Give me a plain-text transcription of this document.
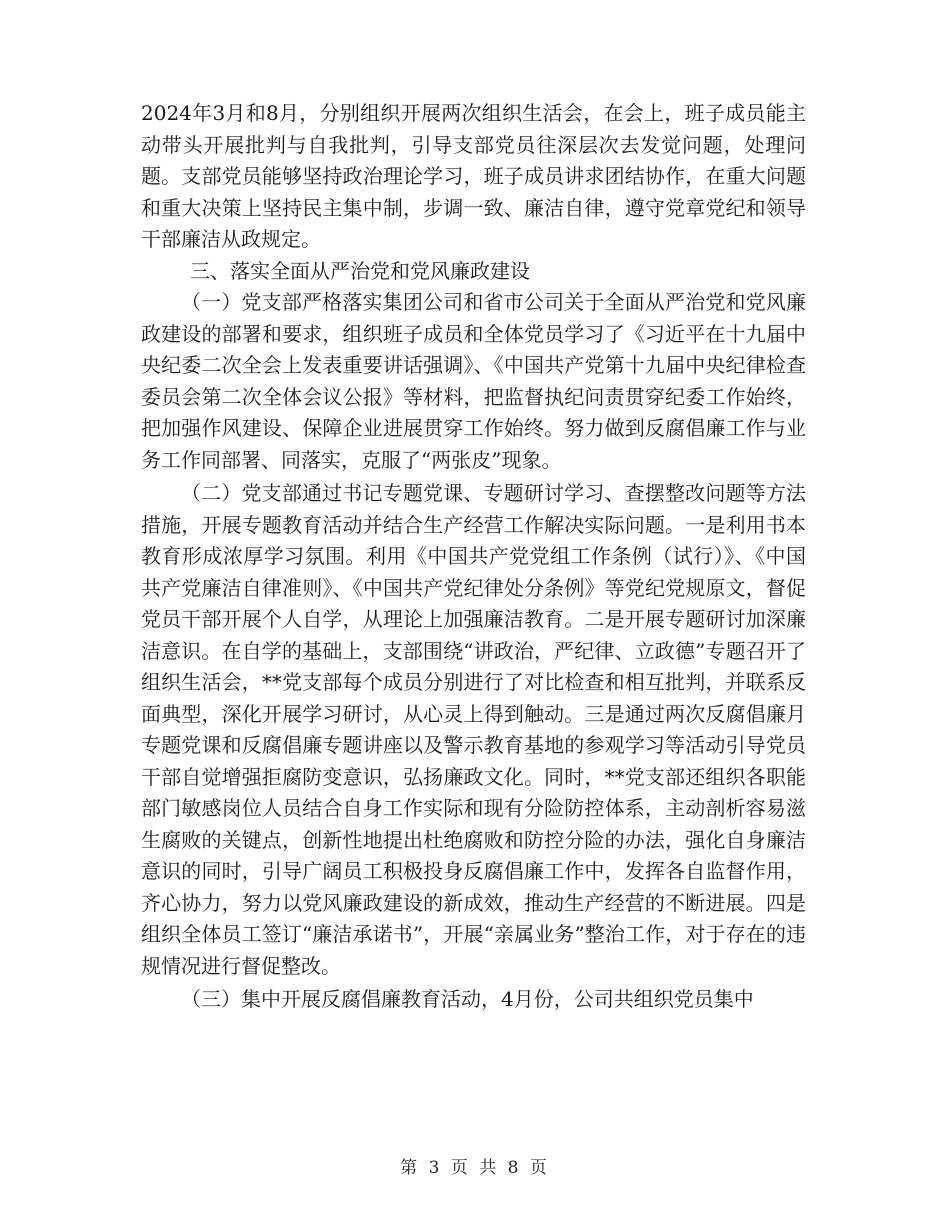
2024年3月和8月，分别组织开展两次组织生活会，在会上，班子成员能主动带头开展批判与自我批判，引导支部党员往深层次去发觉问题，处理问题。支部党员能够坚持政治理论学习，班子成员讲求团结协作，在重大问题和重大决策上坚持民主集中制，步调一致、廉洁自律，遵守党章党纪和领导干部廉洁从政规定。

三、落实全面从严治党和党风廉政建设

（一）党支部严格落实集团公司和省市公司关于全面从严治党和党风廉政建设的部署和要求，组织班子成员和全体党员学习了《习近平在十九届中央纪委二次全会上发表重要讲话强调》、《中国共产党第十九届中央纪律检查委员会第二次全体会议公报》等材料，把监督执纪问责贯穿纪委工作始终，把加强作风建设、保障企业进展贯穿工作始终。努力做到反腐倡廉工作与业务工作同部署、同落实，克服了“两张皮”现象。

（二）党支部通过书记专题党课、专题研讨学习、查摆整改问题等方法措施，开展专题教育活动并结合生产经营工作解决实际问题。一是利用书本教育形成浓厚学习氛围。利用《中国共产党党组工作条例（试行）》、《中国共产党廉洁自律准则》、《中国共产党纪律处分条例》等党纪党规原文，督促党员干部开展个人自学，从理论上加强廉洁教育。二是开展专题研讨加深廉洁意识。在自学的基础上，支部围绕“讲政治，严纪律、立政德”专题召开了组织生活会，**党支部每个成员分别进行了对比检查和相互批判，并联系反面典型，深化开展学习研讨，从心灵上得到触动。三是通过两次反腐倡廉月专题党课和反腐倡廉专题讲座以及警示教育基地的参观学习等活动引导党员干部自觉增强拒腐防变意识，弘扬廉政文化。同时，**党支部还组织各职能部门敏感岗位人员结合自身工作实际和现有分险防控体系，主动剖析容易滋生腐败的关键点，创新性地提出杜绝腐败和防控分险的办法，强化自身廉洁意识的同时，引导广阔员工积极投身反腐倡廉工作中，发挥各自监督作用，齐心协力，努力以党风廉政建设的新成效，推动生产经营的不断进展。四是组织全体员工签订“廉洁承诺书”，开展“亲属业务”整治工作，对于存在的违规情况进行督促整改。

（三）集中开展反腐倡廉教育活动，4月份，公司共组织党员集中

第 3 页 共 8 页
